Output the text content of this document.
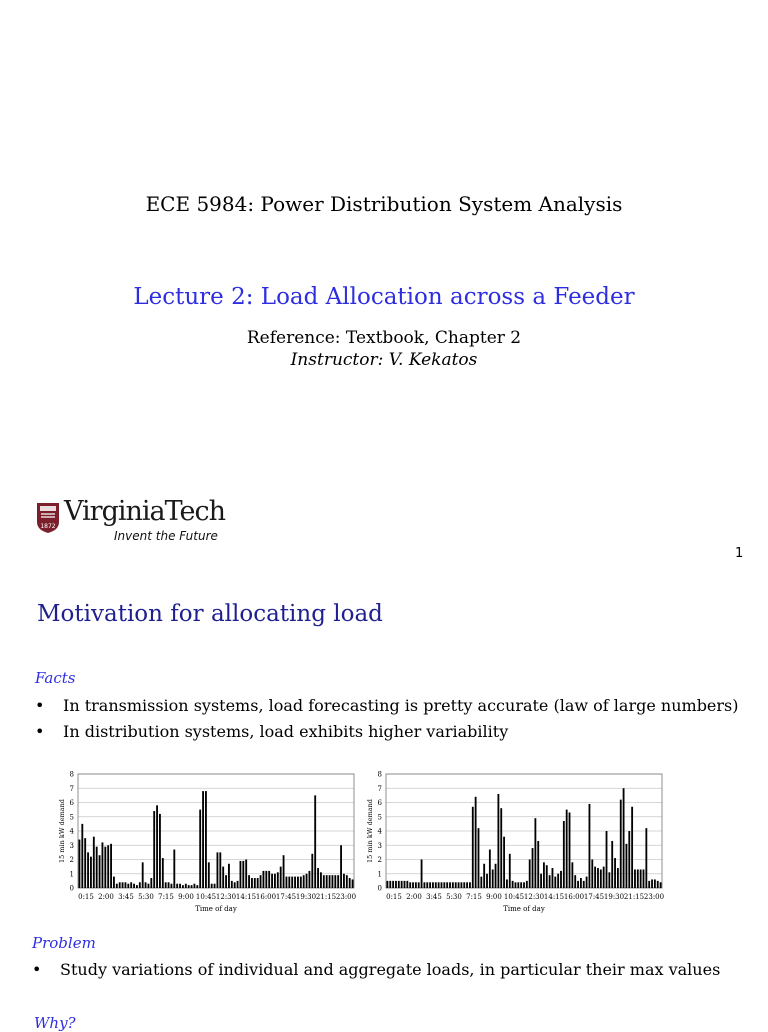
ECE 5984: Power Distribution System Analysis
Lecture 2: Load Allocation across a Feeder
Reference: Textbook, Chapter 2
Instructor: V. Kekatos
1872 VirginiaTech
Invent the Future
1
Motivation for allocating load
Facts
• In transmission systems, load forecasting is pretty accurate (law of large numbers)
• In distribution systems, load exhibits higher variability
0
1
2
3
4
5
6
7
8
0:15 2:00 3:45 5:30 7:15 9:00 10:45 12:30 14:15 16:00 17:45 19:30 21:15 23:00
Time of day
15 min kW demand
0
1
2
3
4
5
6
7
8
0:15 2:00 3:45 5:30 7:15 9:00 10:45 12:30 14:15 16:00 17:45 19:30 21:15 23:00
Time of day
15 min kW demand
Problem
• Study variations of individual and aggregate loads, in particular their max values
Why?
